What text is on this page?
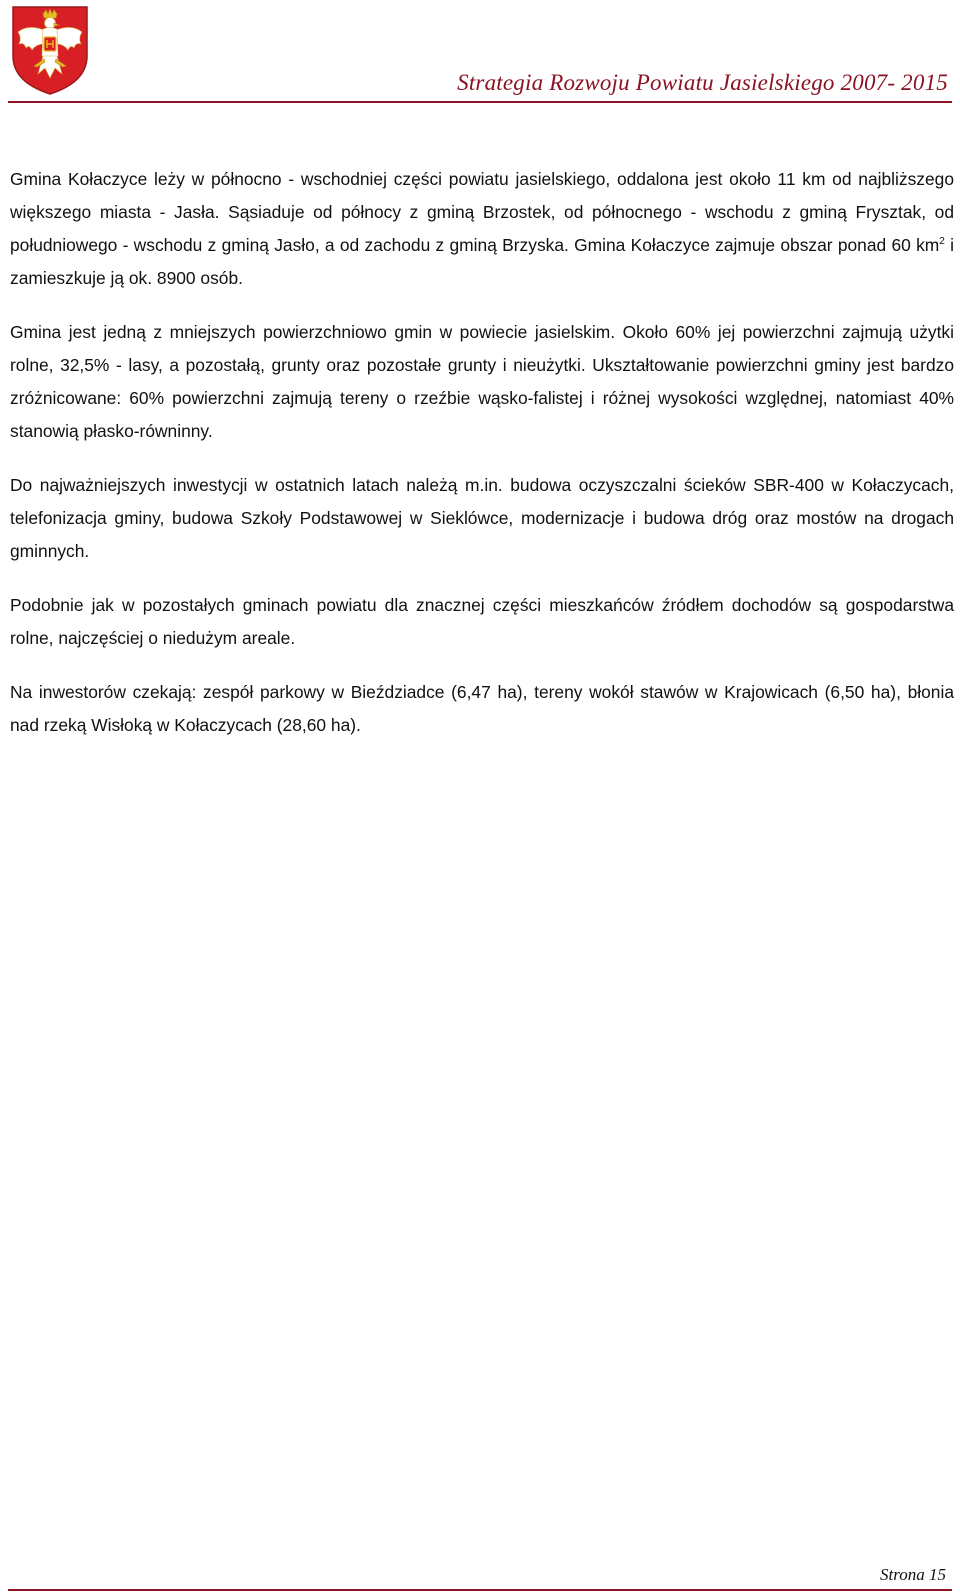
Strategia Rozwoju Powiatu Jasielskiego 2007- 2015

Gmina Kołaczyce leży w północno - wschodniej części powiatu jasielskiego, oddalona jest około 11 km od najbliższego większego miasta - Jasła. Sąsiaduje od północy z gminą Brzostek, od północnego - wschodu z gminą Frysztak, od południowego - wschodu z gminą Jasło, a od zachodu z gminą Brzyska. Gmina Kołaczyce zajmuje obszar ponad 60 $km^2$ i zamieszkuje ją ok. 8900 osób.

Gmina jest jedną z mniejszych powierzchniowo gmin w powiecie jasielskim. Około 60% jej powierzchni zajmują użytki rolne, 32,5% - lasy, a pozostałą, grunty oraz pozostałe grunty i nieużytki. Ukształtowanie powierzchni gminy jest bardzo zróżnicowane: 60% powierzchni zajmują tereny o rzeźbie wąsko-falistej i różnej wysokości względnej, natomiast 40% stanowią płasko-równinny.

Do najważniejszych inwestycji w ostatnich latach należą m.in. budowa oczyszczalni ścieków SBR-400 w Kołaczycach, telefonizacja gminy, budowa Szkoły Podstawowej w Sieklówce, modernizacje i budowa dróg oraz mostów na drogach gminnych.

Podobnie jak w pozostałych gminach powiatu dla znacznej części mieszkańców źródłem dochodów są gospodarstwa rolne, najczęściej o niedużym areale.

Na inwestorów czekają: zespół parkowy w Bieździadce (6,47 ha), tereny wokół stawów w Krajowicach (6,50 ha), błonia nad rzeką Wisłoką w Kołaczycach (28,60 ha).

Strona 15
